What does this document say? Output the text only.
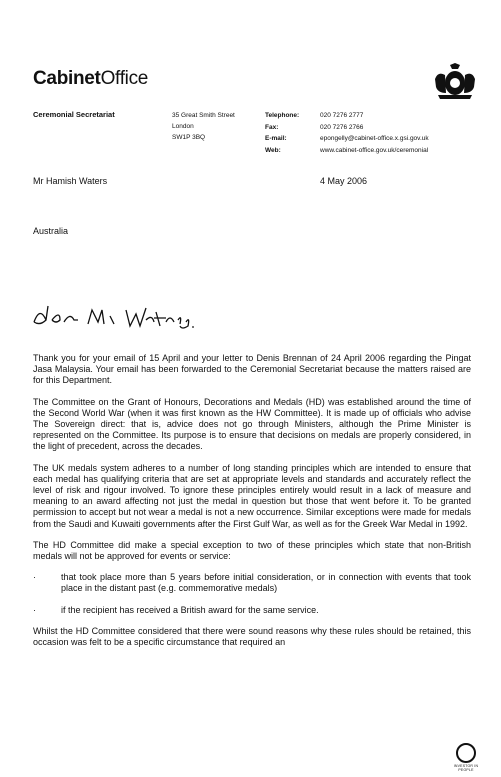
CabinetOffice
Ceremonial Secretariat	35 Great Smith Street
London
SW1P 3BQ
Telephone:	020 7276 2777
Fax:	020 7276 2766
E-mail:	epongelly@cabinet-office.x.gsi.gov.uk
Web:	www.cabinet-office.gov.uk/ceremonial
Mr Hamish Waters	4 May 2006
Australia

Thank you for your email of 15 April and your letter to Denis Brennan of 24 April 2006 regarding the Pingat Jasa Malaysia. Your email has been forwarded to the Ceremonial Secretariat because the matters raised are for this Department.

The Committee on the Grant of Honours, Decorations and Medals (HD) was established around the time of the Second World War (when it was first known as the HW Committee). It is made up of officials who advise The Sovereign direct: that is, advice does not go through Ministers, although the Prime Minister is represented on the Committee. Its purpose is to ensure that decisions on medals are properly considered, in the light of precedent, across the decades.

The UK medals system adheres to a number of long standing principles which are intended to ensure that each medal has qualifying criteria that are set at appropriate levels and standards and accurately reflect the level of risk and rigour involved. To ignore these principles entirely would result in a lack of measure and meaning to an award affecting not just the medal in question but those that went before it. To be granted permission to accept but not wear a medal is not a new occurrence. Similar exceptions were made for medals from the Saudi and Kuwaiti governments after the First Gulf War, as well as for the Greek War Medal in 1992.

The HD Committee did make a special exception to two of these principles which state that non-British medals will not be approved for events or service:

·	that took place more than 5 years before initial consideration, or in connection with events that took place in the distant past (e.g. commemorative medals)
·	if the recipient has received a British award for the same service.

Whilst the HD Committee considered that there were sound reasons why these rules should be retained, this occasion was felt to be a specific circumstance that required an

INVESTOR IN PEOPLE
